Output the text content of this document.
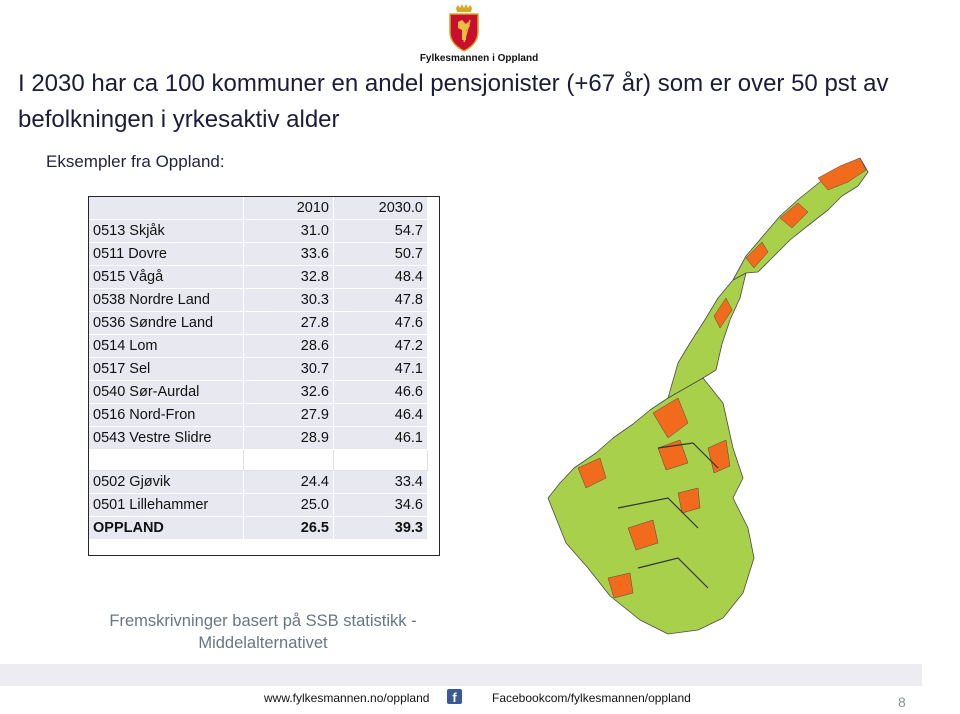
Fylkesmannen i Oppland
I 2030 har ca 100 kommuner en andel pensjonister (+67 år) som er over 50 pst av befolkningen i yrkesaktiv alder
Eksempler fra Oppland:
	2010	2030.0
0513 Skjåk	31.0	54.7
0511 Dovre	33.6	50.7
0515 Vågå	32.8	48.4
0538 Nordre Land	30.3	47.8
0536 Søndre Land	27.8	47.6
0514 Lom	28.6	47.2
0517 Sel	30.7	47.1
0540 Sør-Aurdal	32.6	46.6
0516 Nord-Fron	27.9	46.4
0543 Vestre Slidre	28.9	46.1

0502 Gjøvik	24.4	33.4
0501 Lillehammer	25.0	34.6
OPPLAND	26.5	39.3
Fremskrivninger basert på SSB statistikk -
Middelalternativet
www.fylkesmannen.no/oppland	f	Facebookcom/fylkesmannen/oppland	8
